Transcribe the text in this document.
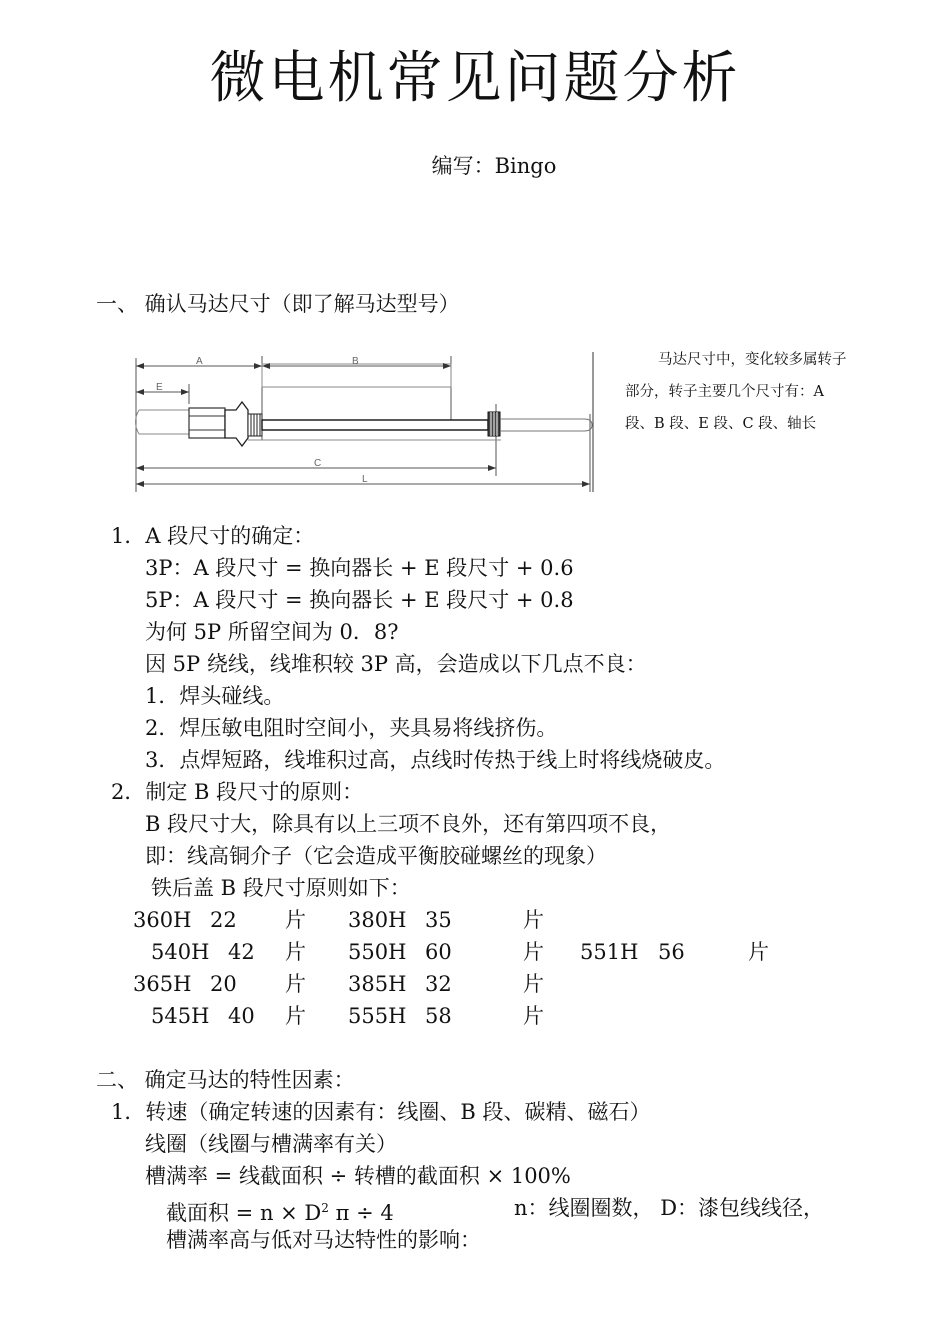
微电机常见问题分析
编写：Bingo
一、 确认马达尺寸（即了解马达型号）
A	B
E
C
L
马达尺寸中，变化较多属转子部分，转子主要几个尺寸有：A 段、B 段、E 段、C 段、轴长
1．A 段尺寸的确定：
3P：A 段尺寸 = 换向器长 + E 段尺寸 + 0.6
5P：A 段尺寸 = 换向器长 + E 段尺寸 + 0.8
为何 5P 所留空间为 0．8?
因 5P 绕线，线堆积较 3P 高，会造成以下几点不良：
1．焊头碰线。
2．焊压敏电阻时空间小，夹具易将线挤伤。
3．点焊短路，线堆积过高，点线时传热于线上时将线烧破皮。
2．制定 B 段尺寸的原则：
B 段尺寸大，除具有以上三项不良外，还有第四项不良，
即：线高铜介子（它会造成平衡胶碰螺丝的现象）
铁后盖 B 段尺寸原则如下：
360H 22 片 380H 35	片
540H 42 片 550H 60	片 551H 56	片
365H 20 片 385H 32	片
545H 40 片 555H 58	片
二、 确定马达的特性因素：
1．转速（确定转速的因素有：线圈、B 段、碳精、磁石）
线圈（线圈与槽满率有关）
槽满率 = 线截面积 ÷ 转槽的截面积 × 100%
截面积 = $n \times D^2$ π ÷ 4	n：线圈圈数， D：漆包线线径，
槽满率高与低对马达特性的影响：
